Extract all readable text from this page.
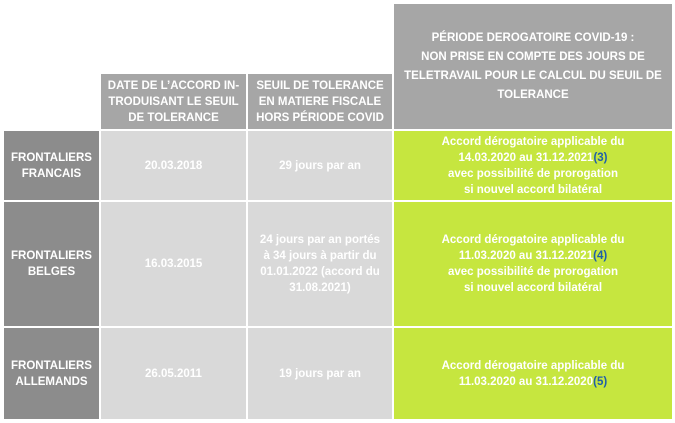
DATE DE L’ACCORD IN-
TRODUISANT LE SEUIL
DE TOLERANCE
SEUIL DE TOLERANCE
EN MATIERE FISCALE
HORS PÉRIODE COVID
PÉRIODE DEROGATOIRE COVID-19 :
NON PRISE EN COMPTE DES JOURS DE
TELETRAVAIL POUR LE CALCUL DU SEUIL DE
TOLERANCE
FRONTALIERS
FRANCAIS
20.03.2018	29 jours par an
Accord dérogatoire applicable du
14.03.2020 au 31.12.2021(3)
avec possibilité de prorogation
si nouvel accord bilatéral
FRONTALIERS
BELGES
16.03.2015
24 jours par an portés
à 34 jours à partir du
01.01.2022 (accord du
31.08.2021)
Accord dérogatoire applicable du
11.03.2020 au 31.12.2021(4)
avec possibilité de prorogation
si nouvel accord bilatéral
FRONTALIERS
ALLEMANDS
26.05.2011	19 jours par an
Accord dérogatoire applicable du
11.03.2020 au 31.12.2020(5)
